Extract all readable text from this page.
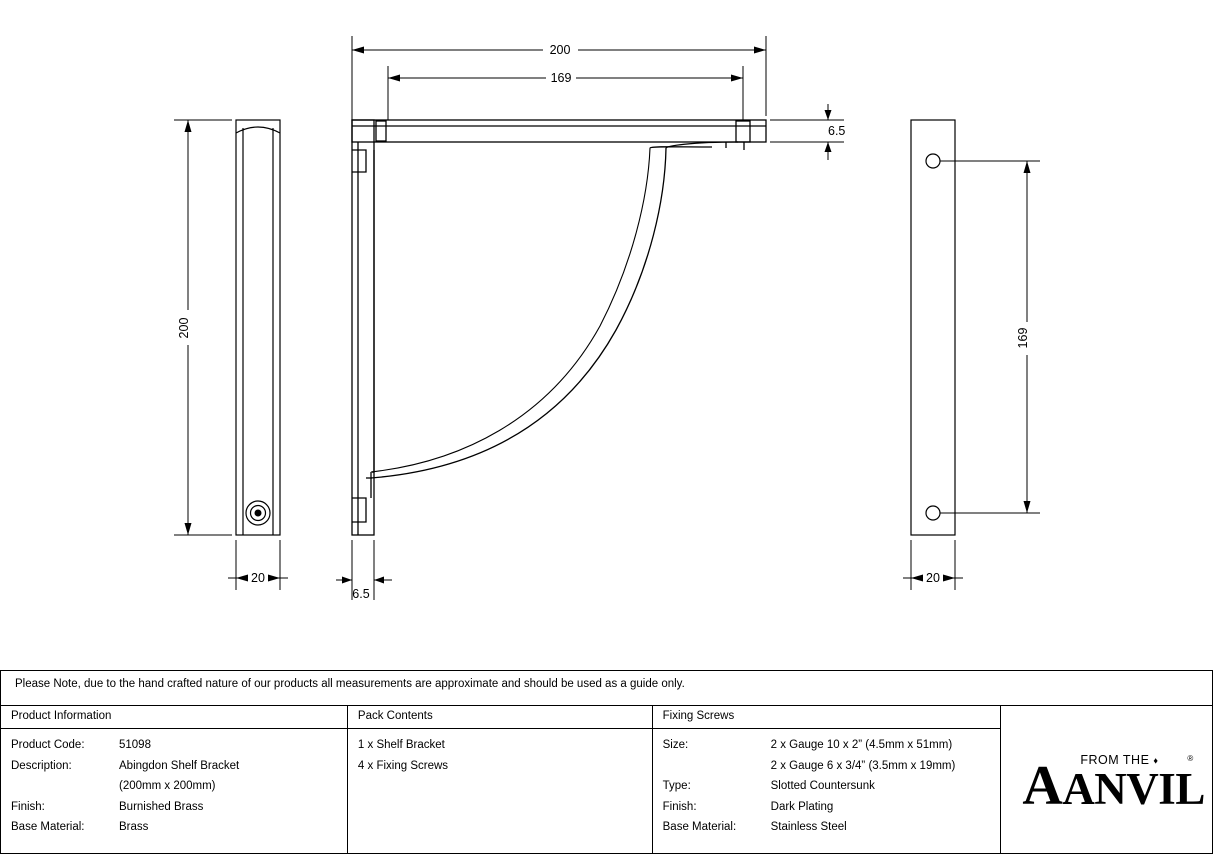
200
169
200
20
6.5
6.5
169
20
Please Note, due to the hand crafted nature of our products all measurements are approximate and should be used as a guide only.			
Product Information	Pack Contents	Fixing Screws	FROM THE ♦
AANVIL
®

Product Code:	51098
Description:	Abingdon Shelf Bracket
	(200mm x 200mm)
Finish:	Burnished Brass
Base Material:	Brass

1 x Shelf Bracket
4 x Fixing Screws

Size:	2 x Gauge 10 x 2” (4.5mm x 51mm)
	2 x Gauge 6 x 3/4” (3.5mm x 19mm)
Type:	Slotted Countersunk
Finish:	Dark Plating
Base Material:	Stainless Steel
